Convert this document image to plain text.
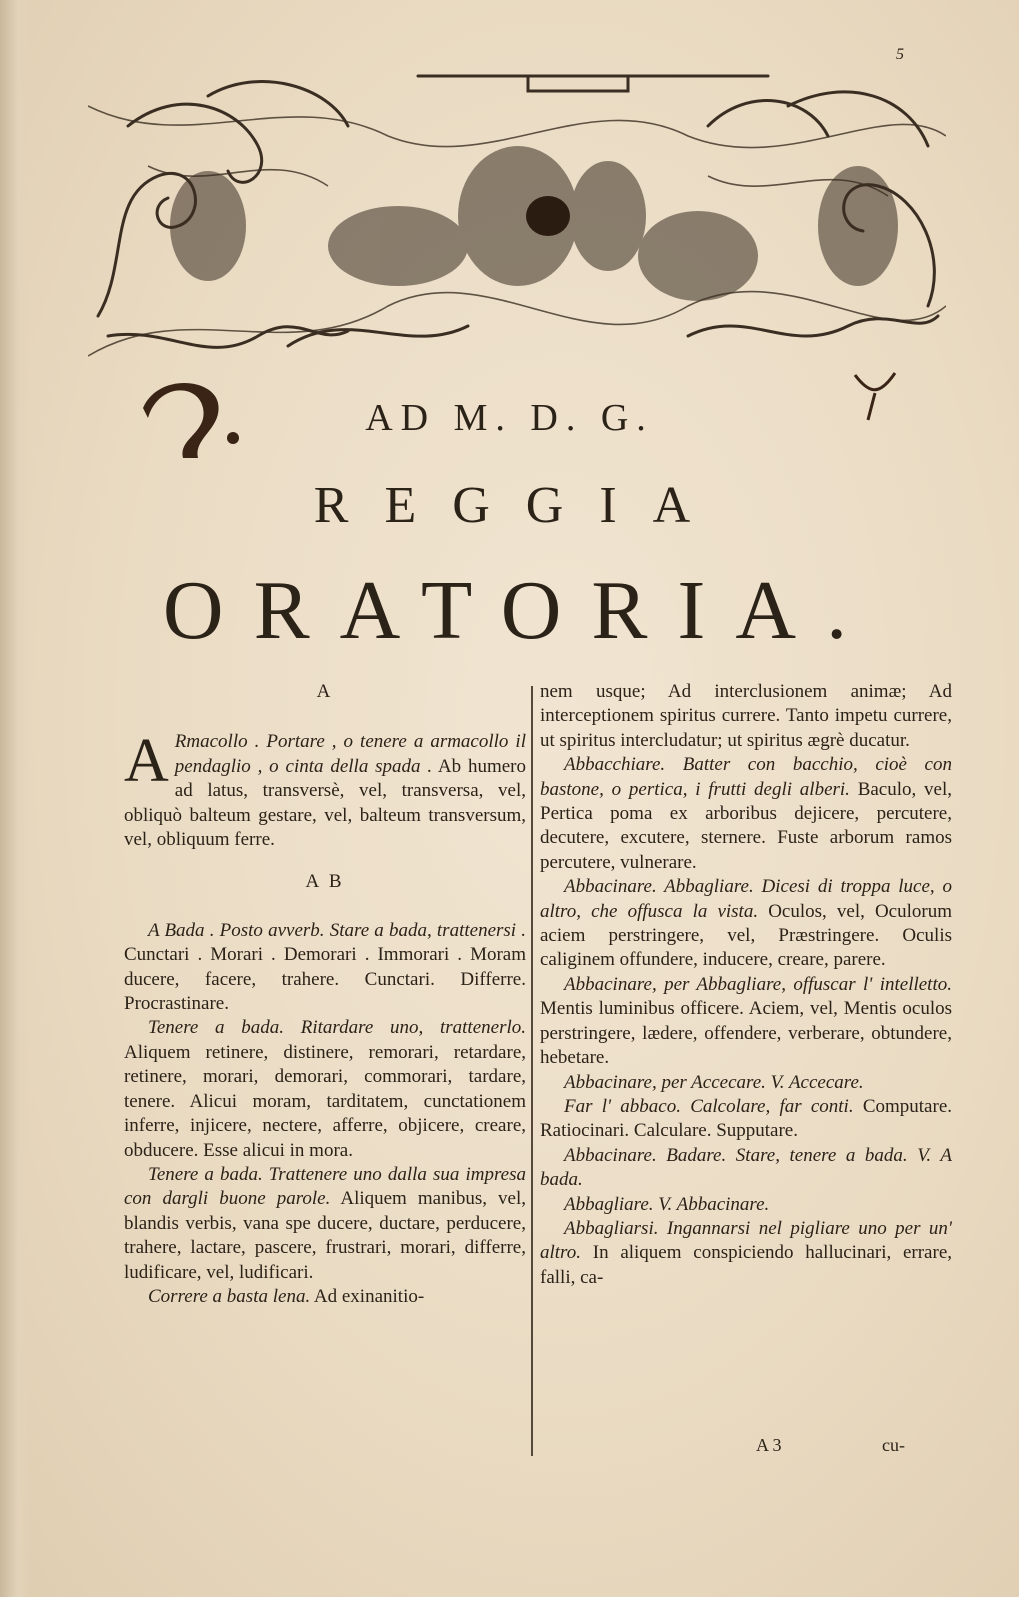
5
AD M. D. G.
REGGIA
ORATORIA.
A

A Rmacollo . Portare , o tenere a armacollo il pendaglio , o cinta della spada . Ab humero ad latus, transversè, vel, transversa, vel, obliquò balteum gestare, vel, balteum transversum, vel, obliquum ferre.

A B

A Bada . Posto avverb. Stare a bada, trattenersi . Cunctari . Morari . Demorari . Immorari . Moram ducere, facere, trahere. Cunctari. Differre. Procrastinare.

Tenere a bada. Ritardare uno, trattenerlo. Aliquem retinere, distinere, remorari, retardare, retinere, morari, demorari, commorari, tardare, tenere. Alicui moram, tarditatem, cunctationem inferre, injicere, nectere, afferre, objicere, creare, obducere. Esse alicui in mora.

Tenere a bada. Trattenere uno dalla sua impresa con dargli buone parole. Aliquem manibus, vel, blandis verbis, vana spe ducere, ductare, perducere, trahere, lactare, pascere, frustrari, morari, differre, ludificare, vel, ludificari.

Correre a basta lena. Ad exinanitio-

nem usque; Ad interclusionem animæ; Ad interceptionem spiritus currere. Tanto impetu currere, ut spiritus intercludatur; ut spiritus ægrè ducatur.

Abbacchiare. Batter con bacchio, cioè con bastone, o pertica, i frutti degli alberi. Baculo, vel, Pertica poma ex arboribus dejicere, percutere, decutere, excutere, sternere. Fuste arborum ramos percutere, vulnerare.

Abbacinare. Abbagliare. Dicesi di troppa luce, o altro, che offusca la vista. Oculos, vel, Oculorum aciem perstringere, vel, Præstringere. Oculis caliginem offundere, inducere, creare, parere.

Abbacinare, per Abbagliare, offuscar l' intelletto. Mentis luminibus officere. Aciem, vel, Mentis oculos perstringere, lædere, offendere, verberare, obtundere, hebetare.

Abbacinare, per Accecare. V. Accecare.

Far l' abbaco. Calcolare, far conti. Computare. Ratiocinari. Calculare. Supputare.

Abbacinare. Badare. Stare, tenere a bada. V. A bada.

Abbagliare. V. Abbacinare.

Abbagliarsi. Ingannarsi nel pigliare uno per un' altro. In aliquem conspiciendo hallucinari, errare, falli, ca-

A 3	cu-
